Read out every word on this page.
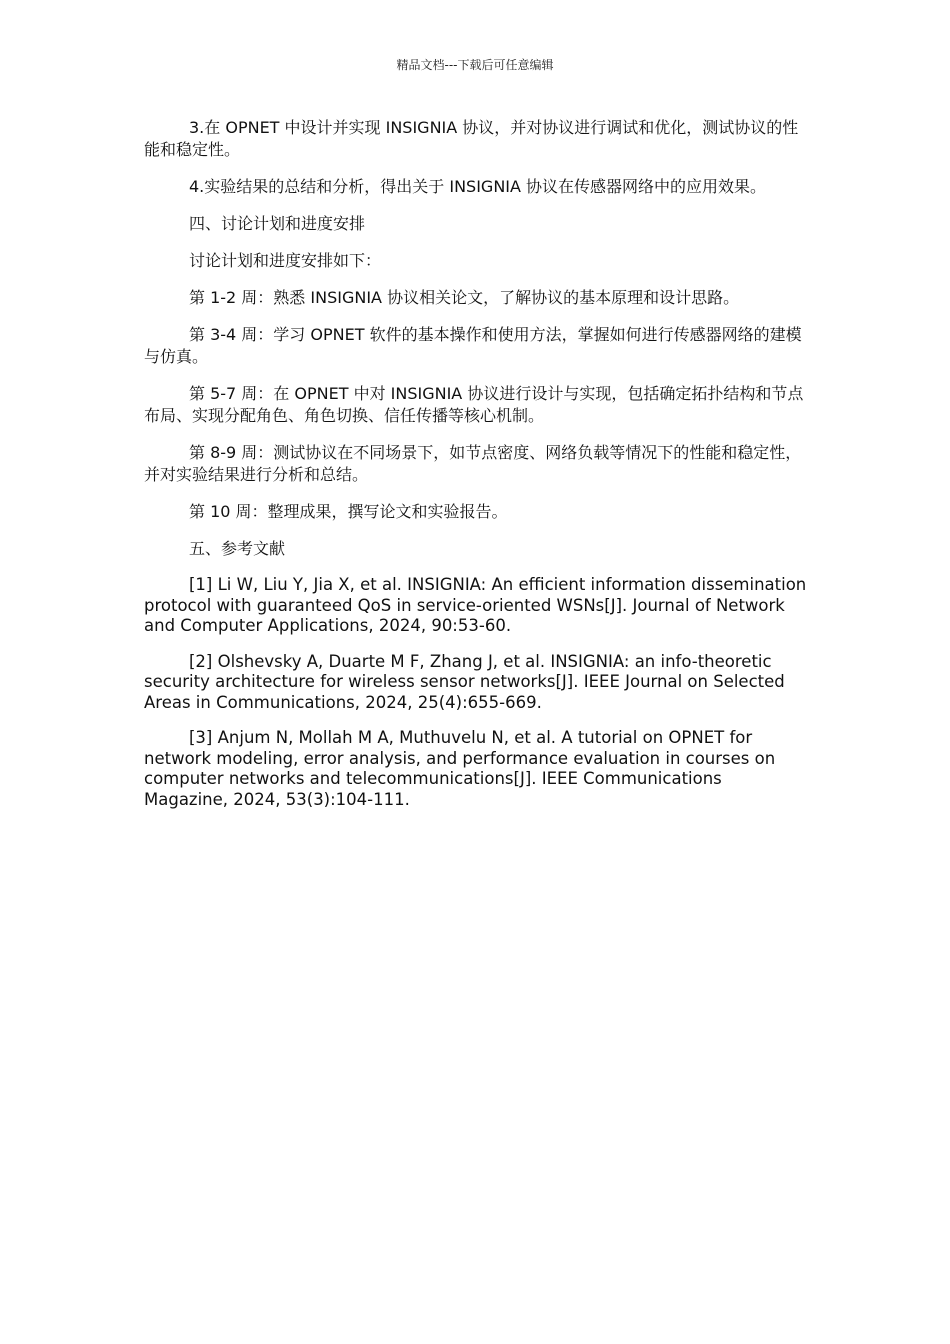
精品文档---下载后可任意编辑

3.在 OPNET 中设计并实现 INSIGNIA 协议，并对协议进行调试和优化，测试协议的性能和稳定性。

4.实验结果的总结和分析，得出关于 INSIGNIA 协议在传感器网络中的应用效果。

四、讨论计划和进度安排

讨论计划和进度安排如下：

第 1-2 周：熟悉 INSIGNIA 协议相关论文，了解协议的基本原理和设计思路。

第 3-4 周：学习 OPNET 软件的基本操作和使用方法，掌握如何进行传感器网络的建模与仿真。

第 5-7 周：在 OPNET 中对 INSIGNIA 协议进行设计与实现，包括确定拓扑结构和节点布局、实现分配角色、角色切换、信任传播等核心机制。

第 8-9 周：测试协议在不同场景下，如节点密度、网络负载等情况下的性能和稳定性，并对实验结果进行分析和总结。

第 10 周：整理成果，撰写论文和实验报告。

五、参考文献

[1] Li W, Liu Y, Jia X, et al. INSIGNIA: An efficient information dissemination protocol with guaranteed QoS in service-oriented WSNs[J]. Journal of Network and Computer Applications, 2024, 90:53-60.

[2] Olshevsky A, Duarte M F, Zhang J, et al. INSIGNIA: an info-theoretic security architecture for wireless sensor networks[J]. IEEE Journal on Selected Areas in Communications, 2024, 25(4):655-669.

[3] Anjum N, Mollah M A, Muthuvelu N, et al. A tutorial on OPNET for network modeling, error analysis, and performance evaluation in courses on computer networks and telecommunications[J]. IEEE Communications Magazine, 2024, 53(3):104-111.
